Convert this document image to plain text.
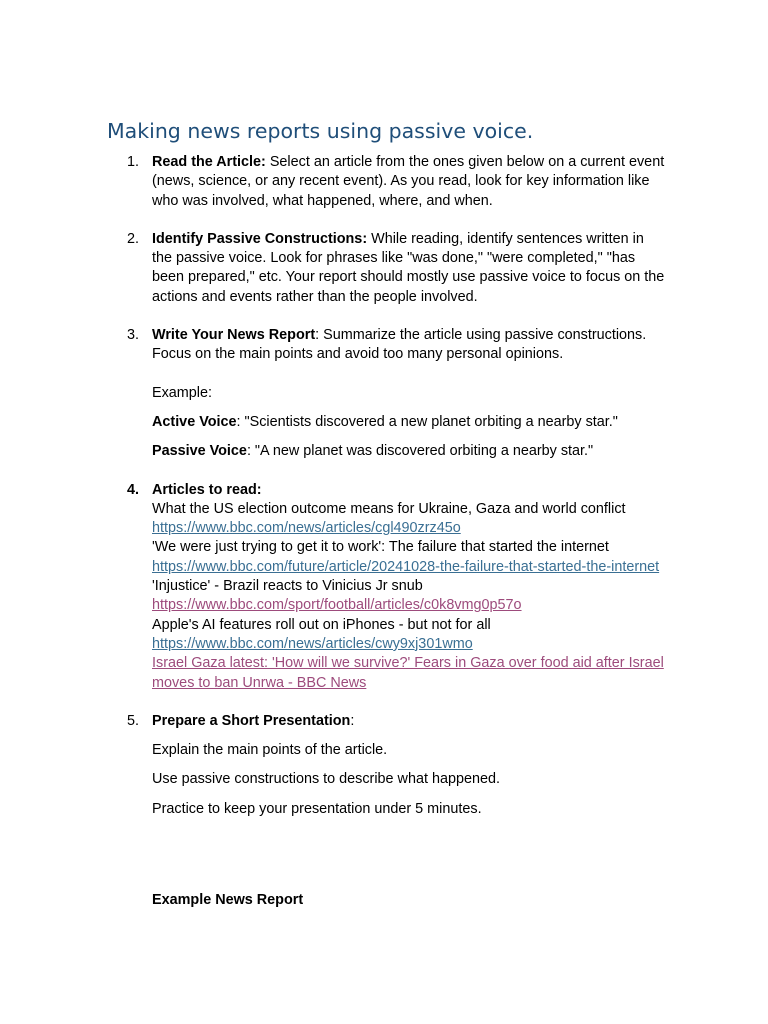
Making news reports using passive voice.
1. Read the Article: Select an article from the ones given below on a current event (news, science, or any recent event). As you read, look for key information like who was involved, what happened, where, and when.
2. Identify Passive Constructions: While reading, identify sentences written in the passive voice. Look for phrases like "was done," "were completed," "has been prepared," etc. Your report should mostly use passive voice to focus on the actions and events rather than the people involved.
3. Write Your News Report: Summarize the article using passive constructions. Focus on the main points and avoid too many personal opinions.
Example:
Active Voice: "Scientists discovered a new planet orbiting a nearby star."
Passive Voice: "A new planet was discovered orbiting a nearby star."
4. Articles to read:
What the US election outcome means for Ukraine, Gaza and world conflict
https://www.bbc.com/news/articles/cgl490zrz45o
'We were just trying to get it to work': The failure that started the internet
https://www.bbc.com/future/article/20241028-the-failure-that-started-the-internet
'Injustice' - Brazil reacts to Vinicius Jr snub
https://www.bbc.com/sport/football/articles/c0k8vmg0p57o
Apple's AI features roll out on iPhones - but not for all
https://www.bbc.com/news/articles/cwy9xj301wmo
Israel Gaza latest: 'How will we survive?' Fears in Gaza over food aid after Israel moves to ban Unrwa - BBC News
5. Prepare a Short Presentation:
Explain the main points of the article.
Use passive constructions to describe what happened.
Practice to keep your presentation under 5 minutes.

Example News Report
